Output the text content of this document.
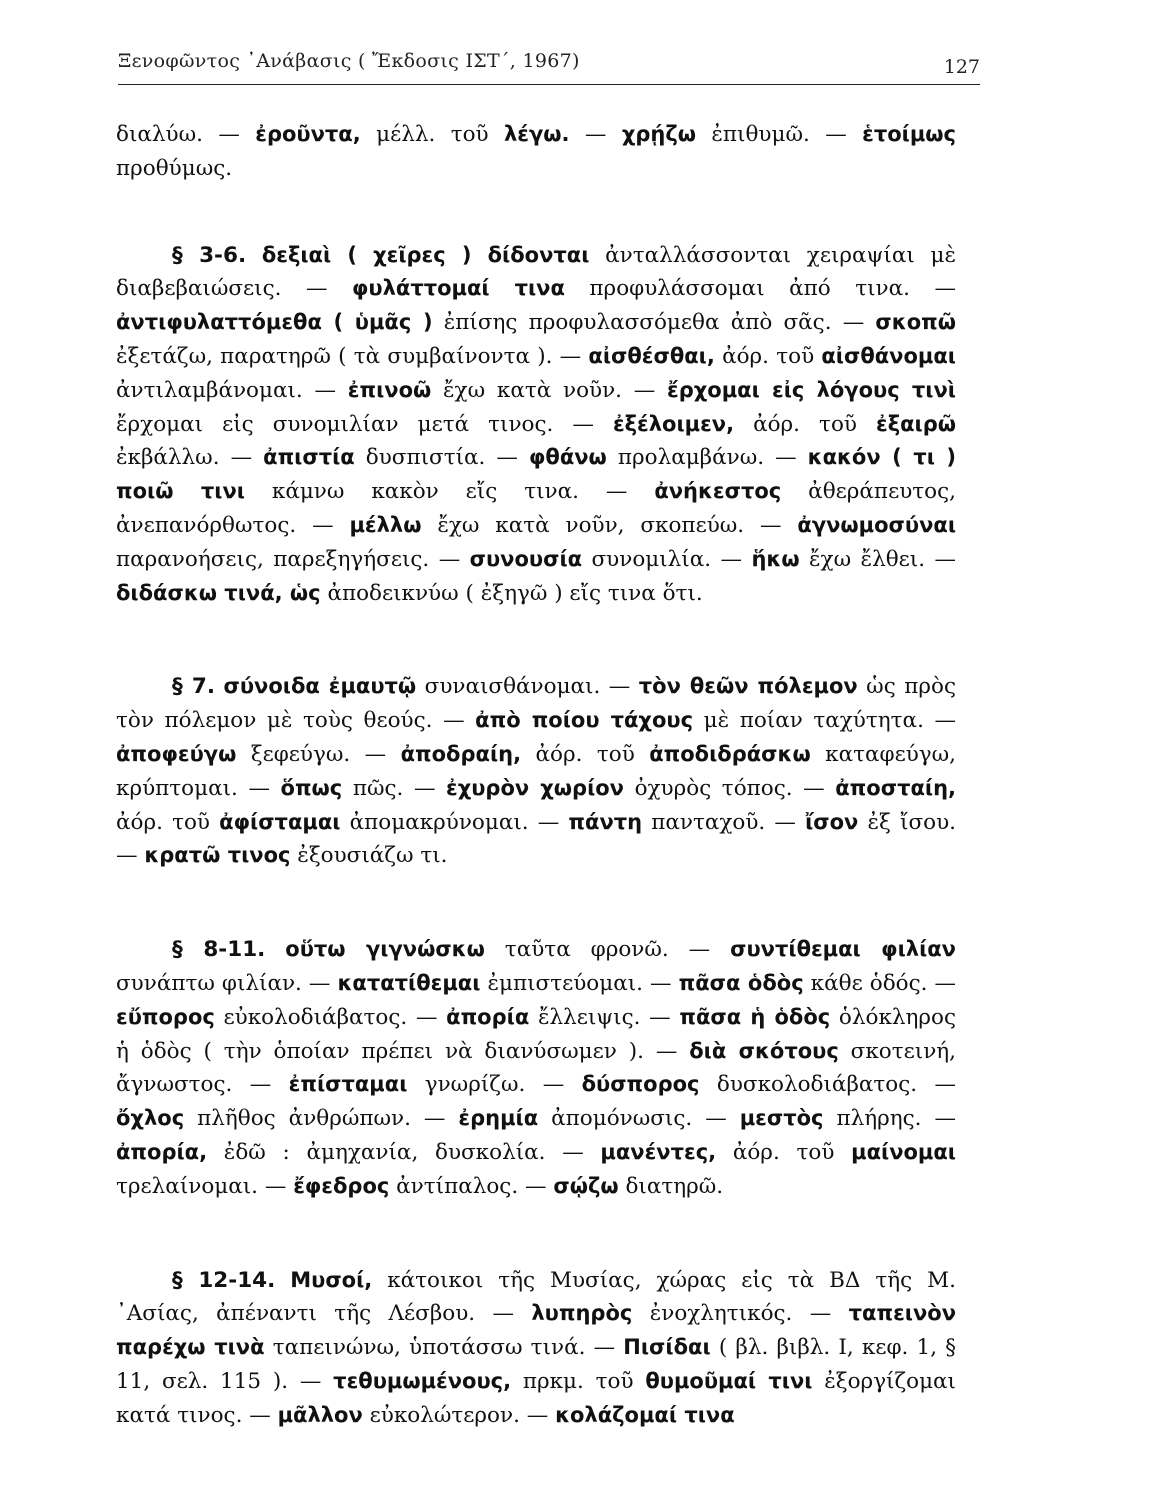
Ξενοφῶντος ᾽Ανάβασις ( Ἔκδοσις ΙΣΤ΄, 1967)	127

διαλύω. — ἐροῦντα, μέλλ. τοῦ λέγω. — χρῄζω ἐπιθυμῶ. — ἑτοίμως προθύμως.

§ 3-6. δεξιαὶ ( χεῖρες ) δίδονται ἀνταλλάσσονται χειραψίαι μὲ διαβεβαιώσεις. — φυλάττομαί τινα προφυλάσσομαι ἀπό τινα. — ἀντιφυλαττόμεθα ( ὑμᾶς ) ἐπίσης προφυλασσόμεθα ἀπὸ σᾶς. — σκοπῶ ἐξετάζω, παρατηρῶ ( τὰ συμβαίνοντα ). — αἰσθέσθαι, ἀόρ. τοῦ αἰσθάνομαι ἀντιλαμβάνομαι. — ἐπινοῶ ἔχω κατὰ νοῦν. — ἔρχομαι εἰς λόγους τινὶ ἔρχομαι εἰς συνομιλίαν μετά τινος. — ἐξέλοιμεν, ἀόρ. τοῦ ἐξαιρῶ ἐκβάλλω. — ἀπιστία δυσπιστία. — φθάνω προλαμβάνω. — κακόν ( τι ) ποιῶ τινι κάμνω κακὸν εἴς τινα. — ἀνήκεστος ἀθεράπευτος, ἀνεπανόρθωτος. — μέλλω ἔχω κατὰ νοῦν, σκοπεύω. — ἀγνωμοσύναι παρανοήσεις, παρεξηγήσεις. — συνουσία συνομιλία. — ἥκω ἔχω ἔλθει. — διδάσκω τινά, ὡς ἀποδεικνύω ( ἐξηγῶ ) εἴς τινα ὅτι.

§ 7. σύνοιδα ἐμαυτῷ συναισθάνομαι. — τὸν θεῶν πόλεμον ὡς πρὸς τὸν πόλεμον μὲ τοὺς θεούς. — ἀπὸ ποίου τάχους μὲ ποίαν ταχύτητα. — ἀποφεύγω ξεφεύγω. — ἀποδραίη, ἀόρ. τοῦ ἀποδιδράσκω καταφεύγω, κρύπτομαι. — ὅπως πῶς. — ἐχυρὸν χωρίον ὀχυρὸς τόπος. — ἀποσταίη, ἀόρ. τοῦ ἀφίσταμαι ἀπομακρύνομαι. — πάντη πανταχοῦ. — ἴσον ἐξ ἴσου. — κρατῶ τινος ἐξουσιάζω τι.

§ 8-11. οὕτω γιγνώσκω ταῦτα φρονῶ. — συντίθεμαι φιλίαν συνάπτω φιλίαν. — κατατίθεμαι ἐμπιστεύομαι. — πᾶσα ὁδὸς κάθε ὁδός. — εὔπορος εὐκολοδιάβατος. — ἀπορία ἔλλειψις. — πᾶσα ἡ ὁδὸς ὁλόκληρος ἡ ὁδὸς ( τὴν ὁποίαν πρέπει νὰ διανύσωμεν ). — διὰ σκότους σκοτεινή, ἄγνωστος. — ἐπίσταμαι γνωρίζω. — δύσπορος δυσκολοδιάβατος. — ὄχλος πλῆθος ἀνθρώπων. — ἐρημία ἀπομόνωσις. — μεστὸς πλήρης. — ἀπορία, ἐδῶ : ἀμηχανία, δυσκολία. — μανέντες, ἀόρ. τοῦ μαίνομαι τρελαίνομαι. — ἔφεδρος ἀντίπαλος. — σῴζω διατηρῶ.

§ 12-14. Μυσοί, κάτοικοι τῆς Μυσίας, χώρας εἰς τὰ ΒΔ τῆς Μ. ᾽Ασίας, ἀπέναντι τῆς Λέσβου. — λυπηρὸς ἐνοχλητικός. — ταπεινὸν παρέχω τινὰ ταπεινώνω, ὑποτάσσω τινά. — Πισίδαι ( βλ. βιβλ. Ι, κεφ. 1, § 11, σελ. 115 ). — τεθυμωμένους, πρκμ. τοῦ θυμοῦμαί τινι ἐξοργίζομαι κατά τινος. — μᾶλλον εὐκολώτερον. — κολάζομαί τινα
